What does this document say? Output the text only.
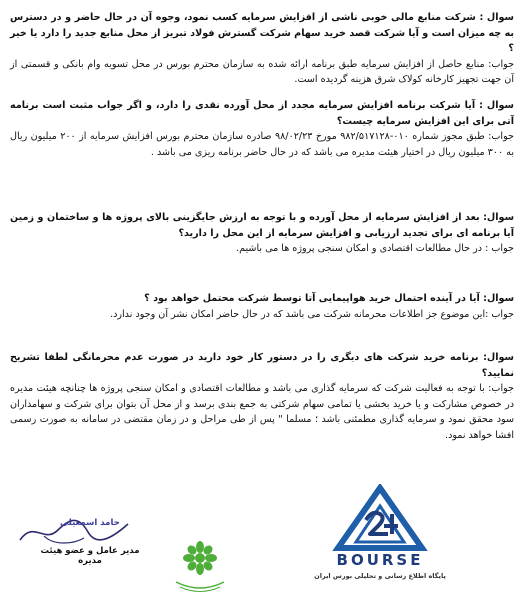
سوال : شرکت منابع مالی خوبی ناشی از افزایش سرمایه کسب نمود، وجوه آن در حال حاضر و در دسترس به چه میزان است و آیا شرکت قصد خرید سهام شرکت گسترش فولاد تبریز از محل منابع جدید را دارد یا خیر ؟

جواب: منابع حاصل از افزایش سرمایه طبق برنامه ارائه شده به سازمان محترم بورس در محل تسویه وام بانکی و قسمتی از آن جهت تجهیز کارخانه کولاک شرق هزینه گردیده است.

سوال : آیا شرکت برنامه افزایش سرمایه مجدد از محل آورده نقدی را دارد، و اگر جواب مثبت است برنامه آتی برای این افزایش سرمایه چیست؟

جواب: طبق مجوز شماره ۰۱۰-۹۸۲/۵۱۷۱۲۸ مورخ ۹۸/۰۲/۲۳ صادره سازمان محترم بورس افزایش سرمایه از ۲۰۰ میلیون ریال به ۳۰۰ میلیون ریال در اختیار هیئت مدیره می باشد که در حال حاضر برنامه ریزی می باشد .

سوال: بعد از افزایش سرمایه از محل آورده و با توجه به ارزش جایگزینی بالای پروژه ها و ساختمان و زمین آیا برنامه ای برای تجدید ارزیابی و افزایش سرمایه از این محل را دارید؟

جواب : در حال مطالعات اقتصادی و امکان سنجی پروژه ها می باشیم.

سوال: آیا در آینده احتمال خرید هواپیمایی آتا توسط شرکت محتمل خواهد بود ؟

جواب :این موضوع جز اطلاعات محرمانه شرکت می باشد که در حال حاضر امکان نشر آن وجود ندارد.

سوال: برنامه خرید شرکت های دیگری را در دستور کار خود دارید در صورت عدم محرمانگی لطفا تشریح نمایید؟

جواب: با توجه به فعالیت شرکت که سرمایه گذاری می باشد و مطالعات اقتصادی و امکان سنجی پروژه ها چنانچه هیئت مدیره در خصوص مشارکت و یا خرید بخشی یا تمامی سهام شرکتی به جمع بندی برسد و از محل آن بتوان برای شرکت و سهامداران سود محقق نمود و سرمایه گذاری مطمئنی باشد ؛ مسلما " پس از طی مراحل و در زمان مقتضی در سامانه به صورت رسمی افشا خواهد نمود.

BOURSE
پایگاه اطلاع رسانی و تحلیلی بورس ایران
حامد اسمعیلی
مدیر عامل و عضو هیئت مدیره
